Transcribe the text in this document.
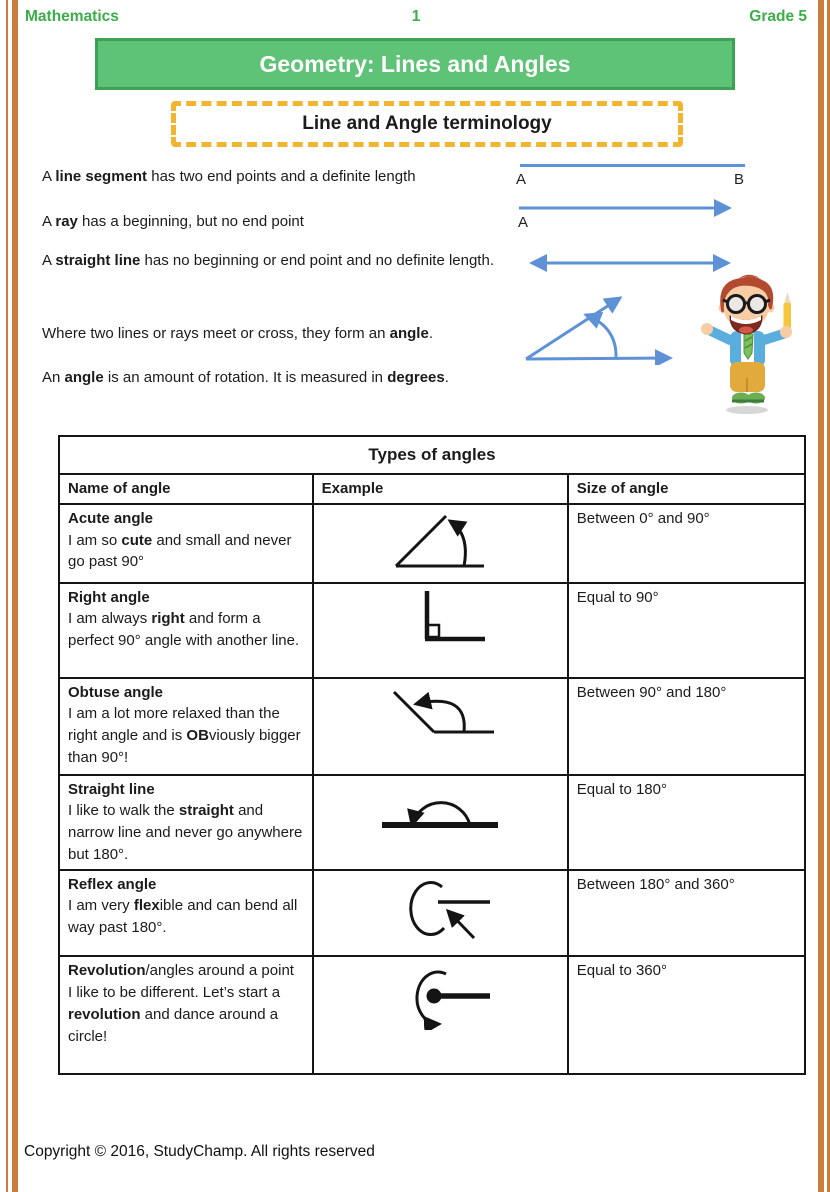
Mathematics	1	Grade 5
Geometry: Lines and Angles
Line and Angle terminology
A line segment has two end points and a definite length
A ray has a beginning, but no end point
A straight line has no beginning or end point and no definite length.
Where two lines or rays meet or cross, they form an angle.
An angle is an amount of rotation. It is measured in degrees.
A	B
A
Types of angles		
Name of angle	Example	Size of angle

Acute angle
I am so cute and small and never go past 90°		Between 0° and 90°

Right angle
I am always right and form a perfect 90° angle with another line.		Equal to 90°

Obtuse angle
I am a lot more relaxed than the right angle and is OBviously bigger than 90°!		Between 90° and 180°

Straight line
I like to walk the straight and narrow line and never go anywhere but 180°.		Equal to 180°

Reflex angle
I am very flexible and can bend all way past 180°.		Between 180° and 360°

Revolution/angles around a point
I like to be different. Let’s start a revolution and dance around a circle!		Equal to 360°
Copyright © 2016, StudyChamp. All rights reserved
